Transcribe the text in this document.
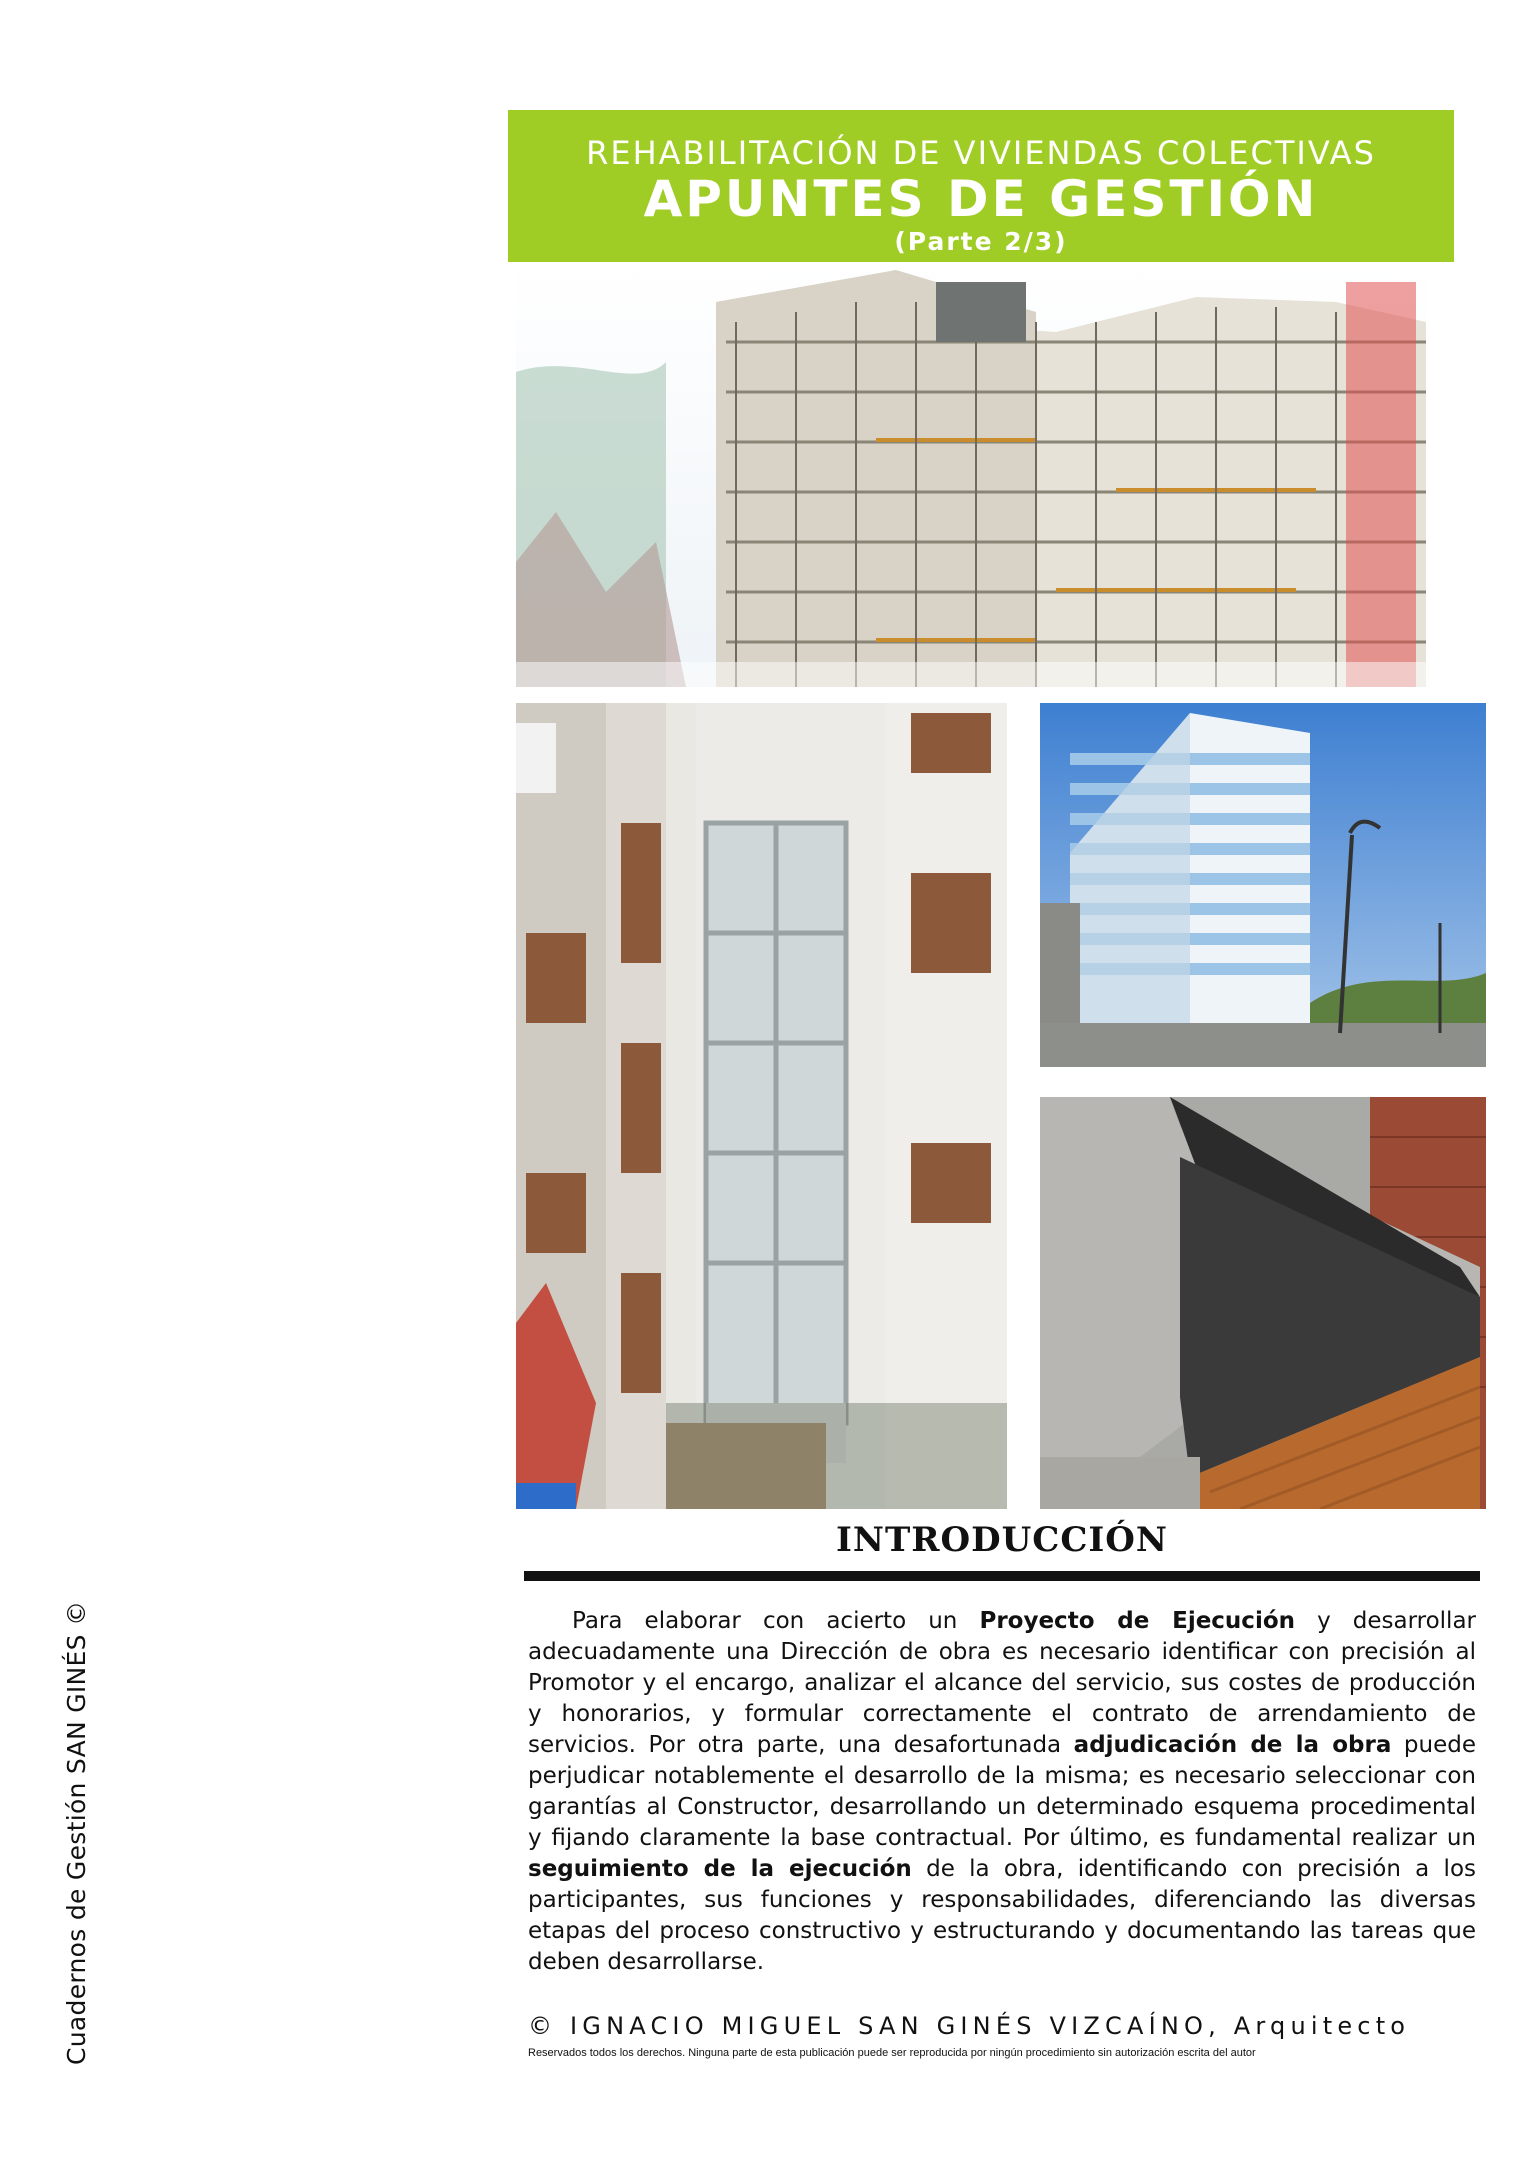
Cuadernos de Gestión SAN GINÉS ©
REHABILITACIÓN DE VIVIENDAS COLECTIVAS
APUNTES DE GESTIÓN
(Parte 2/3)
INTRODUCCIÓN
Para elaborar con acierto un Proyecto de Ejecución y desarrollar adecuadamente una Dirección de obra es necesario identificar con precisión al Promotor y el encargo, analizar el alcance del servicio, sus costes de producción y honorarios, y formular correctamente el contrato de arrendamiento de servicios. Por otra parte, una desafortunada adjudicación de la obra puede perjudicar notablemente el desarrollo de la misma; es necesario seleccionar con garantías al Constructor, desarrollando un determinado esquema procedimental y fijando claramente la base contractual. Por último, es fundamental realizar un seguimiento de la ejecución de la obra, identificando con precisión a los participantes, sus funciones y responsabilidades, diferenciando las diversas etapas del proceso constructivo y estructurando y documentando las tareas que deben desarrollarse.
© IGNACIO MIGUEL SAN GINÉS VIZCAÍNO, Arquitecto
Reservados todos los derechos. Ninguna parte de esta publicación puede ser reproducida por ningún procedimiento sin autorización escrita del autor
